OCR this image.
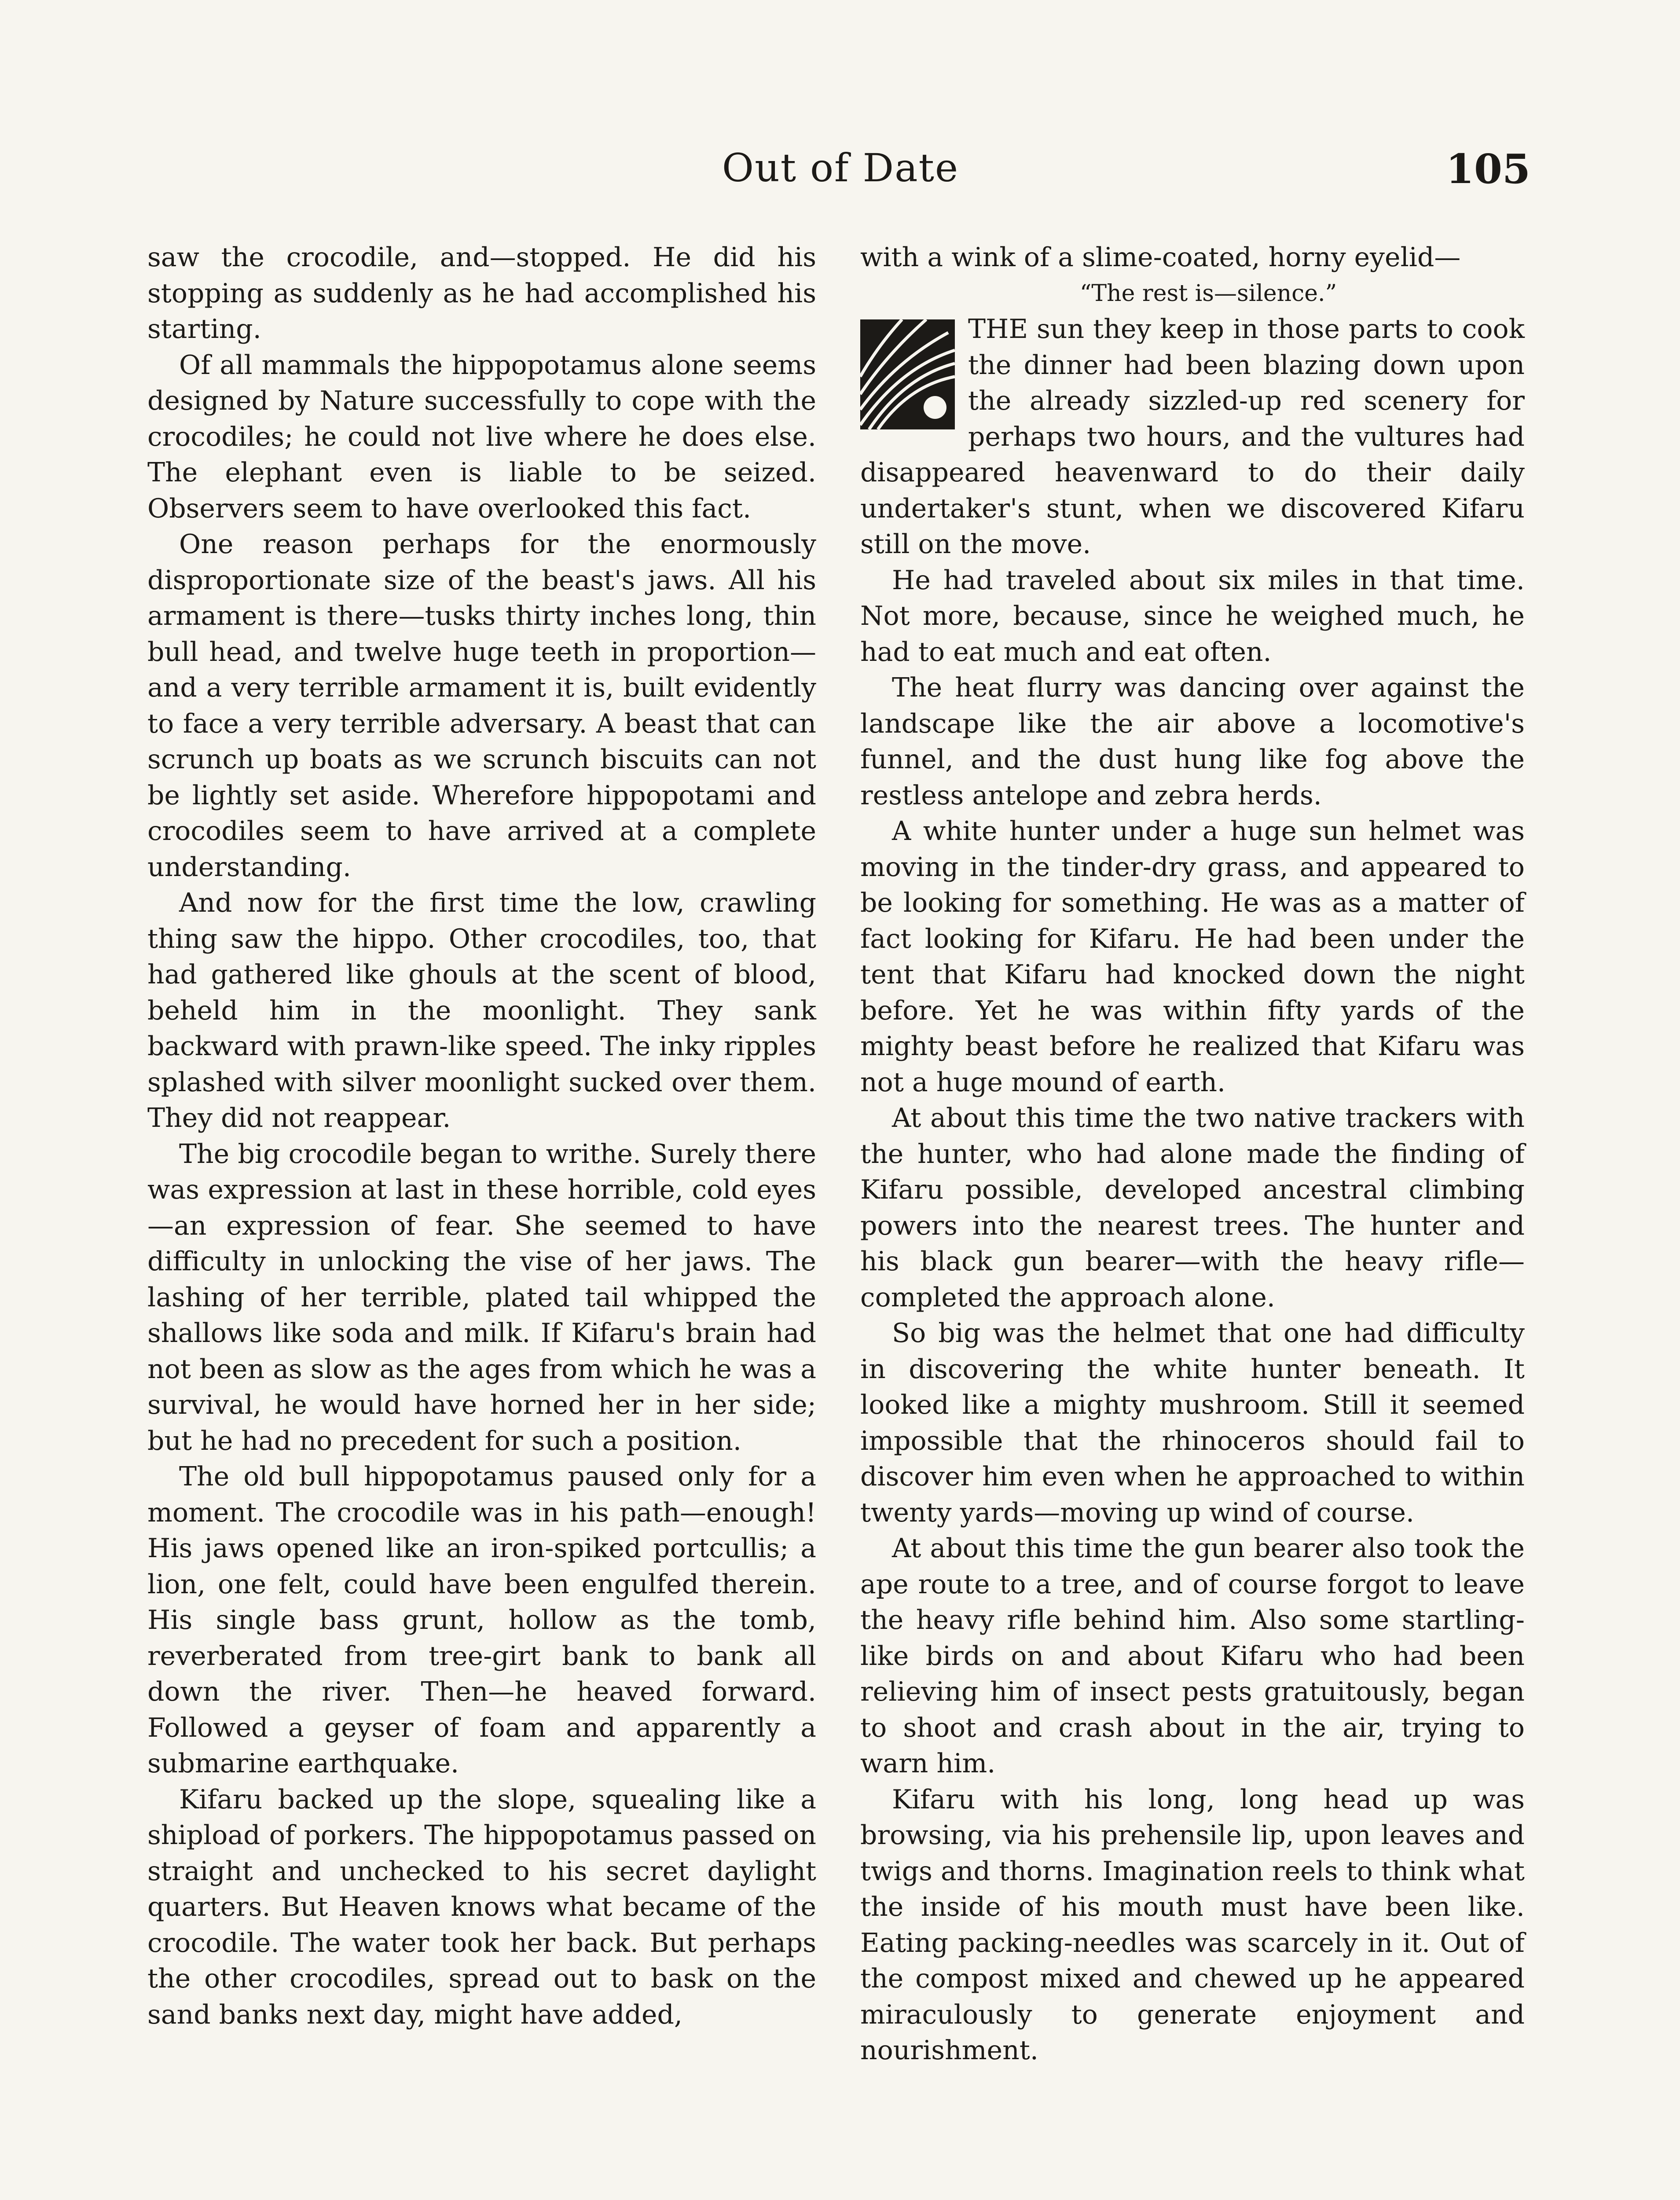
Out of Date	105

saw the crocodile, and—stopped. He did his stopping as suddenly as he had accomplished his starting.

Of all mammals the hippopotamus alone seems designed by Nature successfully to cope with the crocodiles; he could not live where he does else. The elephant even is liable to be seized. Observers seem to have overlooked this fact.

One reason perhaps for the enormously disproportionate size of the beast's jaws. All his armament is there—tusks thirty inches long, thin bull head, and twelve huge teeth in proportion—and a very terrible armament it is, built evidently to face a very terrible adversary. A beast that can scrunch up boats as we scrunch biscuits can not be lightly set aside. Wherefore hippopotami and crocodiles seem to have arrived at a complete understanding.

And now for the first time the low, crawling thing saw the hippo. Other crocodiles, too, that had gathered like ghouls at the scent of blood, beheld him in the moonlight. They sank backward with prawn-like speed. The inky ripples splashed with silver moonlight sucked over them. They did not reappear.

The big crocodile began to writhe. Surely there was expression at last in these horrible, cold eyes—an expression of fear. She seemed to have difficulty in unlocking the vise of her jaws. The lashing of her terrible, plated tail whipped the shallows like soda and milk. If Kifaru's brain had not been as slow as the ages from which he was a survival, he would have horned her in her side; but he had no precedent for such a position.

The old bull hippopotamus paused only for a moment. The crocodile was in his path—enough! His jaws opened like an iron-spiked portcullis; a lion, one felt, could have been engulfed therein. His single bass grunt, hollow as the tomb, reverberated from tree-girt bank to bank all down the river. Then—he heaved forward. Followed a geyser of foam and apparently a submarine earthquake.

Kifaru backed up the slope, squealing like a shipload of porkers. The hippopotamus passed on straight and unchecked to his secret daylight quarters. But Heaven knows what became of the crocodile. The water took her back. But perhaps the other crocodiles, spread out to bask on the sand banks next day, might have added,

with a wink of a slime-coated, horny eyelid—

“The rest is—silence.”

THE sun they keep in those parts to cook the dinner had been blazing down upon the already sizzled-up red scenery for perhaps two hours, and the vultures had disappeared heavenward to do their daily undertaker's stunt, when we discovered Kifaru still on the move.

He had traveled about six miles in that time. Not more, because, since he weighed much, he had to eat much and eat often.

The heat flurry was dancing over against the landscape like the air above a locomotive's funnel, and the dust hung like fog above the restless antelope and zebra herds.

A white hunter under a huge sun helmet was moving in the tinder-dry grass, and appeared to be looking for something. He was as a matter of fact looking for Kifaru. He had been under the tent that Kifaru had knocked down the night before. Yet he was within fifty yards of the mighty beast before he realized that Kifaru was not a huge mound of earth.

At about this time the two native trackers with the hunter, who had alone made the finding of Kifaru possible, developed ancestral climbing powers into the nearest trees. The hunter and his black gun bearer—with the heavy rifle—completed the approach alone.

So big was the helmet that one had difficulty in discovering the white hunter beneath. It looked like a mighty mushroom. Still it seemed impossible that the rhinoceros should fail to discover him even when he approached to within twenty yards—moving up wind of course.

At about this time the gun bearer also took the ape route to a tree, and of course forgot to leave the heavy rifle behind him. Also some startling-like birds on and about Kifaru who had been relieving him of insect pests gratuitously, began to shoot and crash about in the air, trying to warn him.

Kifaru with his long, long head up was browsing, via his prehensile lip, upon leaves and twigs and thorns. Imagination reels to think what the inside of his mouth must have been like. Eating packing-needles was scarcely in it. Out of the compost mixed and chewed up he appeared miraculously to generate enjoyment and nourishment.
